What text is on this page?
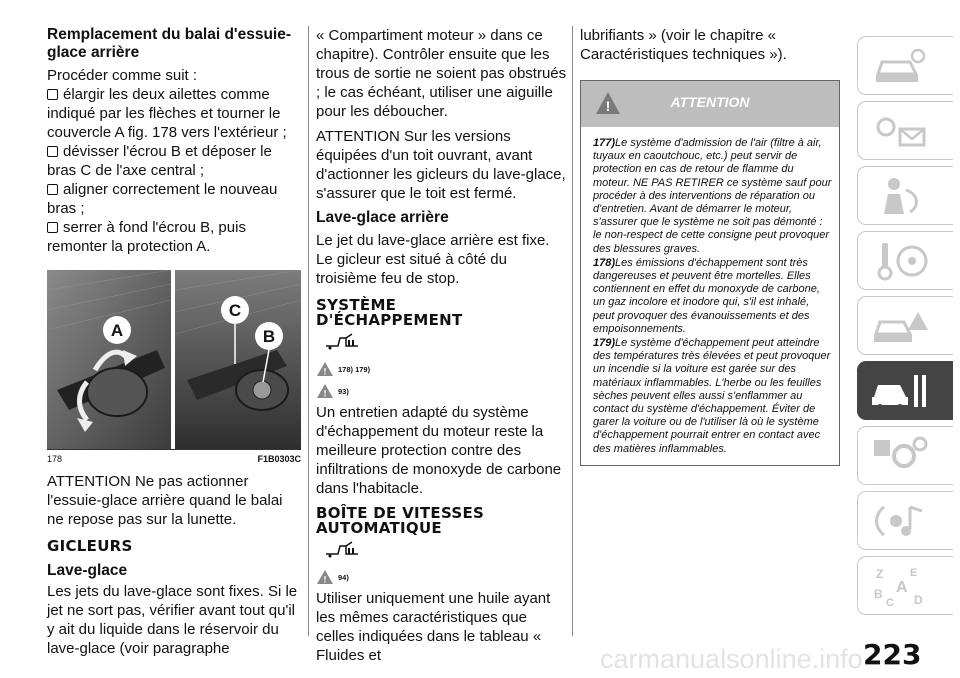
Remplacement du balai d'essuie-glace arrière
Procéder comme suit :
élargir les deux ailettes comme indiqué par les flèches et tourner le couvercle A fig. 178 vers l'extérieur ;
dévisser l'écrou B et déposer le bras C de l'axe central ;
aligner correctement le nouveau bras ;
serrer à fond l'écrou B, puis remonter la protection A.
A
C
B
178	F1B0303C
ATTENTION Ne pas actionner l'essuie-glace arrière quand le balai ne repose pas sur la lunette.
GICLEURS
Lave-glace
Les jets du lave-glace sont fixes. Si le jet ne sort pas, vérifier avant tout qu'il y ait du liquide dans le réservoir du lave-glace (voir paragraphe
« Compartiment moteur » dans ce chapitre). Contrôler ensuite que les trous de sortie ne soient pas obstrués ; le cas échéant, utiliser une aiguille pour les déboucher.
ATTENTION Sur les versions équipées d'un toit ouvrant, avant d'actionner les gicleurs du lave-glace, s'assurer que le toit est fermé.
Lave-glace arrière
Le jet du lave-glace arrière est fixe. Le gicleur est situé à côté du troisième feu de stop.
SYSTÈME
D'ÉCHAPPEMENT
! 178) 179)
! 93)
Un entretien adapté du système d'échappement du moteur reste la meilleure protection contre des infiltrations de monoxyde de carbone dans l'habitacle.
BOÎTE DE VITESSES
AUTOMATIQUE
! 94)
Utiliser uniquement une huile ayant les mêmes caractéristiques que celles indiquées dans le tableau « Fluides et
lubrifiants » (voir le chapitre « Caractéristiques techniques »).
!	ATTENTION
177)Le système d'admission de l'air (filtre à air, tuyaux en caoutchouc, etc.) peut servir de protection en cas de retour de flamme du moteur. NE PAS RETIRER ce système sauf pour procéder à des interventions de réparation ou d'entretien. Avant de démarrer le moteur, s'assurer que le système ne soit pas démonté : le non-respect de cette consigne peut provoquer des blessures graves.
178)Les émissions d'échappement sont très dangereuses et peuvent être mortelles. Elles contiennent en effet du monoxyde de carbone, un gaz incolore et inodore qui, s'il est inhalé, peut provoquer des évanouissements et des empoisonnements.
179)Le système d'échappement peut atteindre des températures très élevées et peut provoquer un incendie si la voiture est garée sur des matériaux inflammables. L'herbe ou les feuilles sèches peuvent elles aussi s'enflammer au contact du système d'échappement. Éviter de garer la voiture ou de l'utiliser là où le système d'échappement pourrait entrer en contact avec des matières inflammables.
Z E
A
B
C D
carmanualsonline.info 223
